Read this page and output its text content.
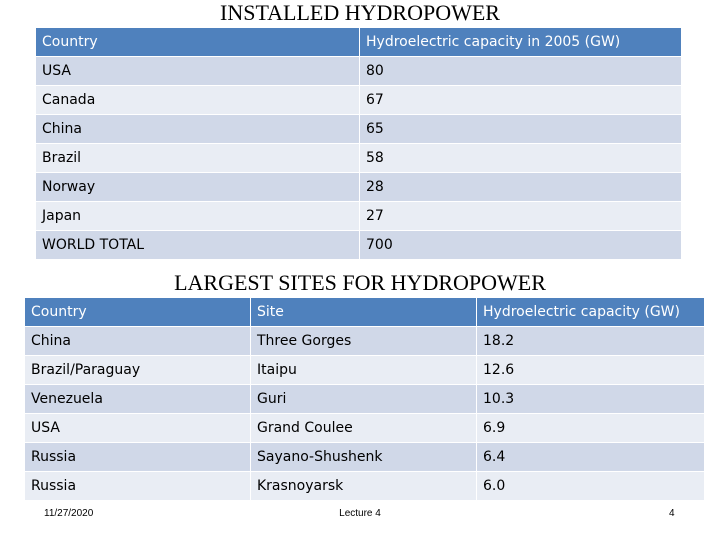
INSTALLED HYDROPOWER
Country	Hydroelectric capacity in 2005 (GW)
USA	80
Canada	67
China	65
Brazil	58
Norway	28
Japan	27
WORLD TOTAL	700
LARGEST SITES FOR HYDROPOWER
Country	Site	Hydroelectric capacity (GW)
China	Three Gorges	18.2
Brazil/Paraguay	Itaipu	12.6
Venezuela	Guri	10.3
USA	Grand Coulee	6.9
Russia	Sayano-Shushenk	6.4
Russia	Krasnoyarsk	6.0
11/27/2020	Lecture 4	4
